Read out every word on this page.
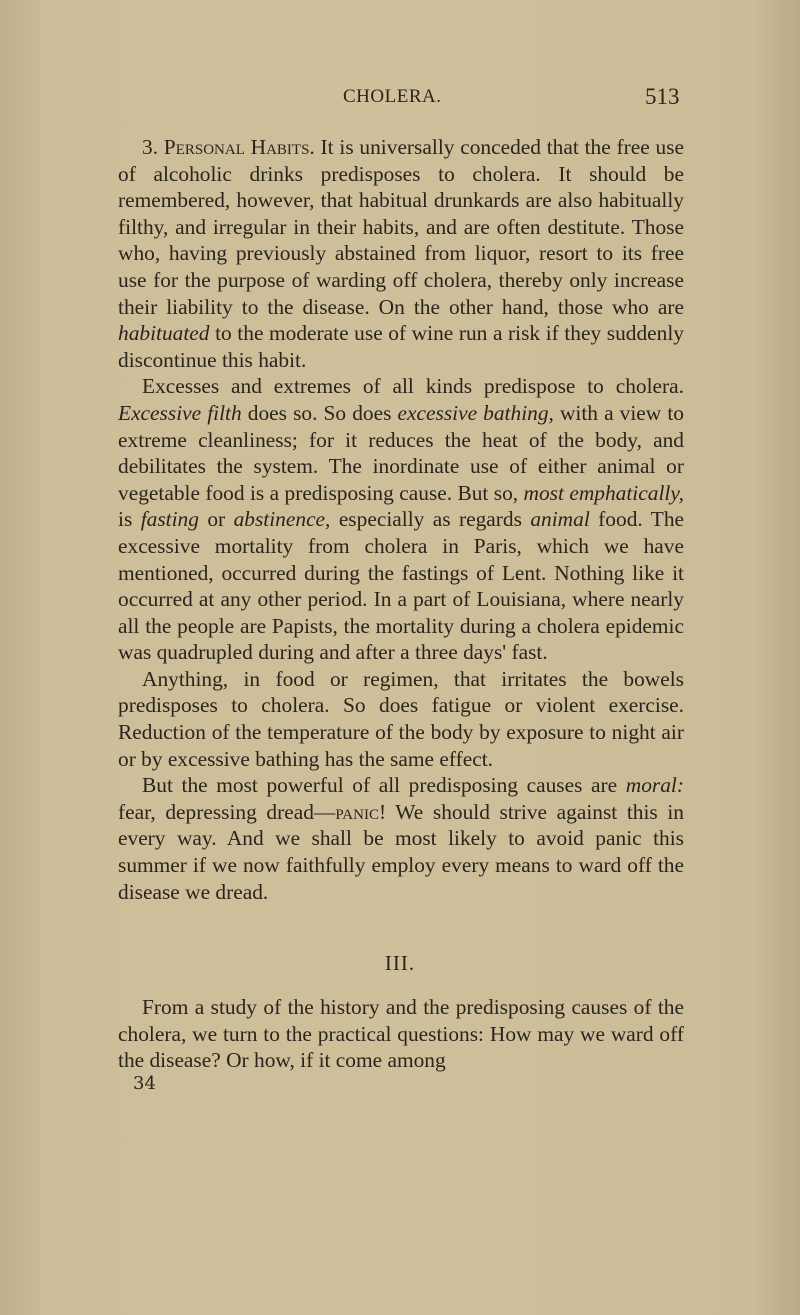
CHOLERA.	513

3. Personal Habits. It is universally conceded that the free use of alcoholic drinks predisposes to cholera. It should be remembered, however, that habitual drunkards are also habitually filthy, and irregular in their habits, and are often destitute. Those who, having previously abstained from liquor, resort to its free use for the purpose of warding off cholera, thereby only increase their liability to the disease. On the other hand, those who are habituated to the moderate use of wine run a risk if they suddenly discontinue this habit.

Excesses and extremes of all kinds predispose to cholera. Excessive filth does so. So does excessive bathing, with a view to extreme cleanliness; for it reduces the heat of the body, and debilitates the system. The inordinate use of either animal or vegetable food is a predisposing cause. But so, most emphatically, is fasting or abstinence, especially as regards animal food. The excessive mortality from cholera in Paris, which we have mentioned, occurred during the fastings of Lent. Nothing like it occurred at any other period. In a part of Louisiana, where nearly all the people are Papists, the mortality during a cholera epidemic was quadrupled during and after a three days' fast.

Anything, in food or regimen, that irritates the bowels predisposes to cholera. So does fatigue or violent exercise. Reduction of the temperature of the body by exposure to night air or by excessive bathing has the same effect.

But the most powerful of all predisposing causes are moral: fear, depressing dread—panic! We should strive against this in every way. And we shall be most likely to avoid panic this summer if we now faithfully employ every means to ward off the disease we dread.

III.

From a study of the history and the predisposing causes of the cholera, we turn to the practical questions: How may we ward off the disease? Or how, if it come among

34
